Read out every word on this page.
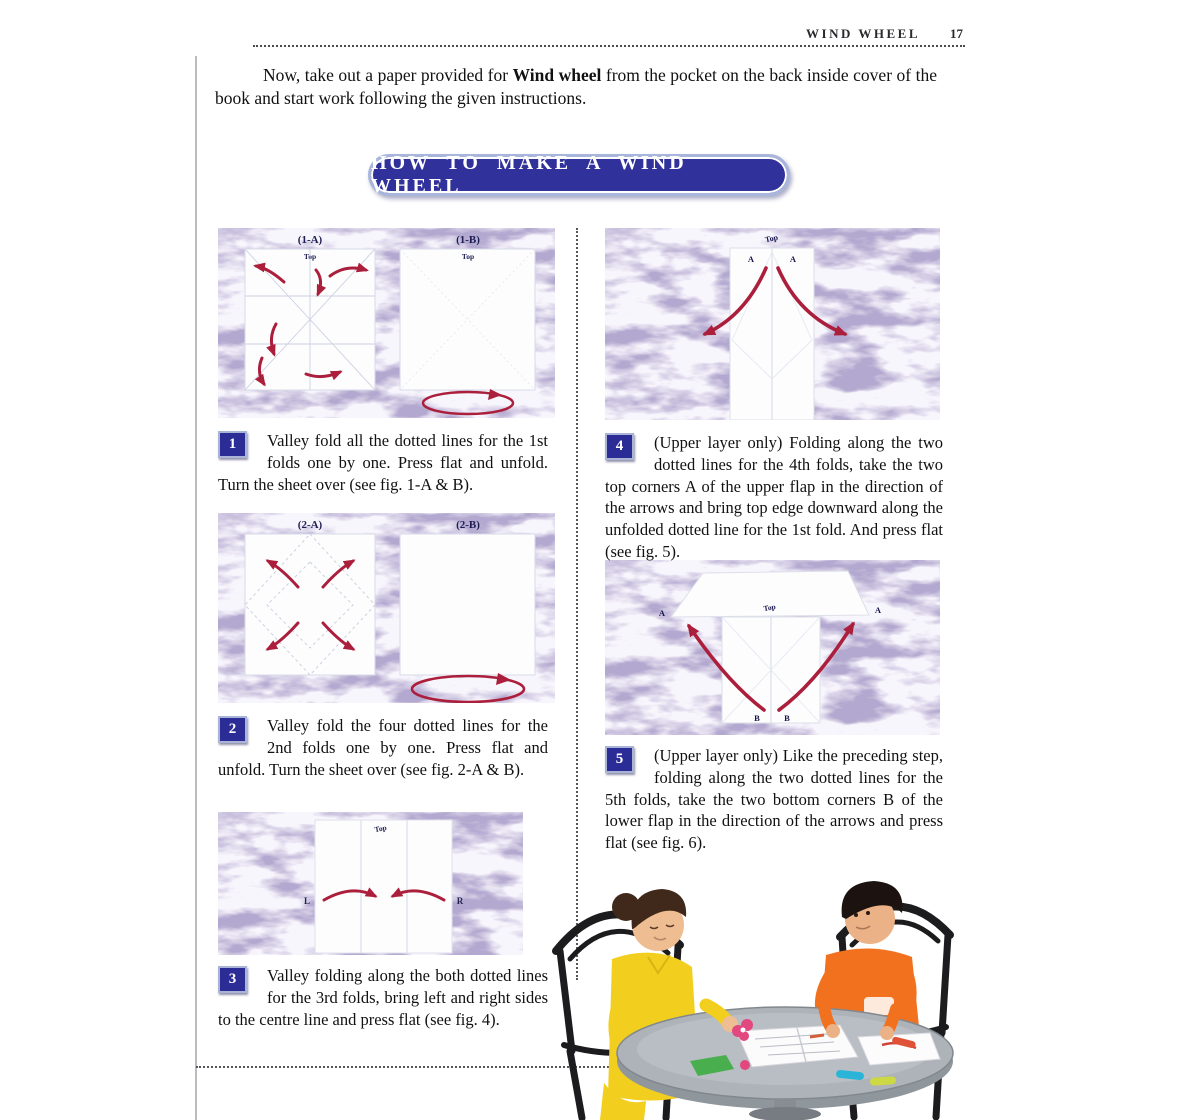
WIND WHEEL 17

Now, take out a paper provided for Wind wheel from the pocket on the back inside cover of the book and start work following the given instructions.

HOW TO MAKE A WIND WHEEL
(1-A)	(1-B)
Top	Top
1	Valley fold all the dotted lines for the 1st folds one by one. Press flat and unfold. Turn the sheet over (see fig. 1-A & B).
(2-A)	(2-B)
2	Valley fold the four dotted lines for the 2nd folds one by one. Press flat and unfold. Turn the sheet over (see fig. 2-A & B).
Top
L	R
3	Valley folding along the both dotted lines for the 3rd folds, bring left and right sides to the centre line and press flat (see fig. 4).
Top
A	A
4	(Upper layer only) Folding along the two dotted lines for the 4th folds, take the two top corners A of the upper flap in the direction of the arrows and bring top edge downward along the unfolded dotted line for the 1st fold. And press flat (see fig. 5).
Top
A	A
B	B
5	(Upper layer only) Like the preceding step, folding along the two dotted lines for the 5th folds, take the two bottom corners B of the lower flap in the direction of the arrows and press flat (see fig. 6).
